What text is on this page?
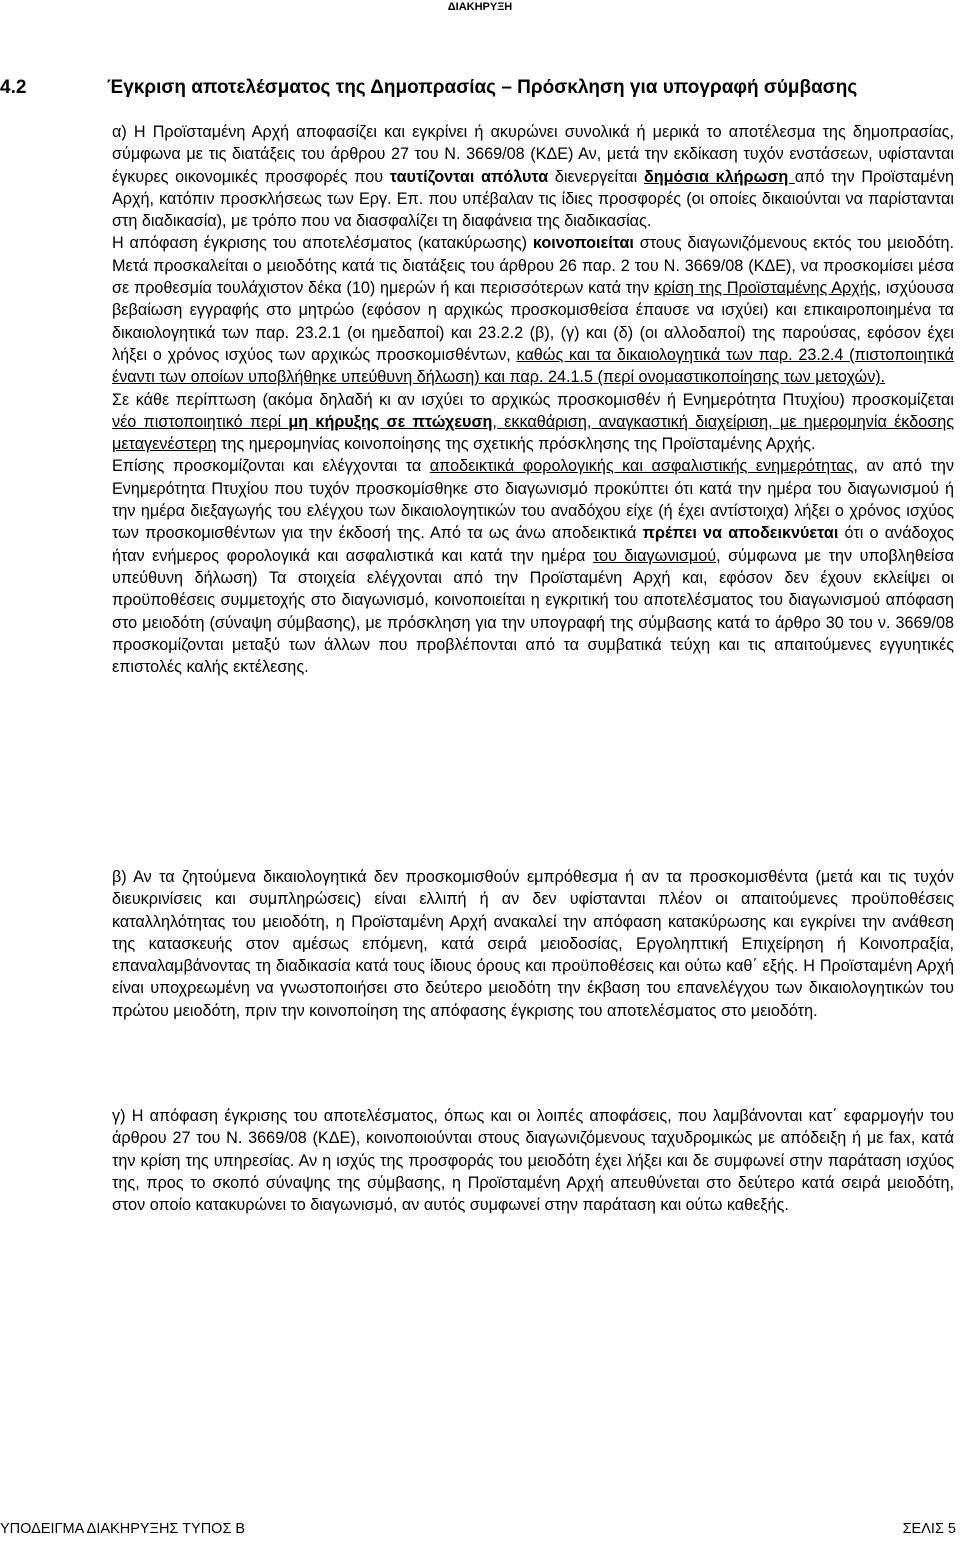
ΔΙΑΚΗΡΥΞΗ
4.2	Έγκριση αποτελέσματος της Δημοπρασίας – Πρόσκληση για υπογραφή σύμβασης

α) Η Προϊσταμένη Αρχή αποφασίζει και εγκρίνει ή ακυρώνει συνολικά ή μερικά το αποτέλεσμα της δημοπρασίας, σύμφωνα με τις διατάξεις του άρθρου 27 του Ν. 3669/08 (ΚΔΕ) Αν, μετά την εκδίκαση τυχόν ενστάσεων, υφίστανται έγκυρες οικονομικές προσφορές που ταυτίζονται απόλυτα διενεργείται δημόσια κλήρωση από την Προϊσταμένη Αρχή, κατόπιν προσκλήσεως των Εργ. Επ. που υπέβαλαν τις ίδιες προσφορές (οι οποίες δικαιούνται να παρίστανται στη διαδικασία), με τρόπο που να διασφαλίζει τη διαφάνεια της διαδικασίας.

Η απόφαση έγκρισης του αποτελέσματος (κατακύρωσης) κοινοποιείται στους διαγωνιζόμενους εκτός του μειοδότη. Μετά προσκαλείται ο μειοδότης κατά τις διατάξεις του άρθρου 26 παρ. 2 του Ν. 3669/08 (ΚΔΕ), να προσκομίσει μέσα σε προθεσμία τουλάχιστον δέκα (10) ημερών ή και περισσότερων κατά την κρίση της Προϊσταμένης Αρχής, ισχύουσα βεβαίωση εγγραφής στο μητρώο (εφόσον η αρχικώς προσκομισθείσα έπαυσε να ισχύει) και επικαιροποιημένα τα δικαιολογητικά των παρ. 23.2.1 (οι ημεδαποί) και 23.2.2 (β), (γ) και (δ) (οι αλλοδαποί) της παρούσας, εφόσον έχει λήξει ο χρόνος ισχύος των αρχικώς προσκομισθέντων, καθώς και τα δικαιολογητικά των παρ. 23.2.4 (πιστοποιητικά έναντι των οποίων υποβλήθηκε υπεύθυνη δήλωση) και παρ. 24.1.5 (περί ονομαστικοποίησης των μετοχών).

Σε κάθε περίπτωση (ακόμα δηλαδή κι αν ισχύει το αρχικώς προσκομισθέν ή Ενημερότητα Πτυχίου) προσκομίζεται νέο πιστοποιητικό περί μη κήρυξης σε πτώχευση, εκκαθάριση, αναγκαστική διαχείριση, με ημερομηνία έκδοσης μεταγενέστερη της ημερομηνίας κοινοποίησης της σχετικής πρόσκλησης της Προϊσταμένης Αρχής.

Επίσης προσκομίζονται και ελέγχονται τα αποδεικτικά φορολογικής και ασφαλιστικής ενημερότητας, αν από την Ενημερότητα Πτυχίου που τυχόν προσκομίσθηκε στο διαγωνισμό προκύπτει ότι κατά την ημέρα του διαγωνισμού ή την ημέρα διεξαγωγής του ελέγχου των δικαιολογητικών του αναδόχου είχε (ή έχει αντίστοιχα) λήξει ο χρόνος ισχύος των προσκομισθέντων για την έκδοσή της. Από τα ως άνω αποδεικτικά πρέπει να αποδεικνύεται ότι ο ανάδοχος ήταν ενήμερος φορολογικά και ασφαλιστικά και κατά την ημέρα του διαγωνισμού, σύμφωνα με την υποβληθείσα υπεύθυνη δήλωση) Τα στοιχεία ελέγχονται από την Προϊσταμένη Αρχή και, εφόσον δεν έχουν εκλείψει οι προϋποθέσεις συμμετοχής στο διαγωνισμό, κοινοποιείται η εγκριτική του αποτελέσματος του διαγωνισμού απόφαση στο μειοδότη (σύναψη σύμβασης), με πρόσκληση για την υπογραφή της σύμβασης κατά το άρθρο 30 του ν. 3669/08 προσκομίζονται μεταξύ των άλλων που προβλέπονται από τα συμβατικά τεύχη και τις απαιτούμενες εγγυητικές επιστολές καλής εκτέλεσης.

β) Αν τα ζητούμενα δικαιολογητικά δεν προσκομισθούν εμπρόθεσμα ή αν τα προσκομισθέντα (μετά και τις τυχόν διευκρινίσεις και συμπληρώσεις) είναι ελλιπή ή αν δεν υφίστανται πλέον οι απαιτούμενες προϋποθέσεις καταλληλότητας του μειοδότη, η Προϊσταμένη Αρχή ανακαλεί την απόφαση κατακύρωσης και εγκρίνει την ανάθεση της κατασκευής στον αμέσως επόμενη, κατά σειρά μειοδοσίας, Εργοληπτική Επιχείρηση ή Κοινοπραξία, επαναλαμβάνοντας τη διαδικασία κατά τους ίδιους όρους και προϋποθέσεις και ούτω καθ΄ εξής. Η Προϊσταμένη Αρχή είναι υποχρεωμένη να γνωστοποιήσει στο δεύτερο μειοδότη την έκβαση του επανελέγχου των δικαιολογητικών του πρώτου μειοδότη, πριν την κοινοποίηση της απόφασης έγκρισης του αποτελέσματος στο μειοδότη.

γ) Η απόφαση έγκρισης του αποτελέσματος, όπως και οι λοιπές αποφάσεις, που λαμβάνονται κατ΄ εφαρμογήν του άρθρου 27 του Ν. 3669/08 (ΚΔΕ), κοινοποιούνται στους διαγωνιζόμενους ταχυδρομικώς με απόδειξη ή με fax, κατά την κρίση της υπηρεσίας. Αν η ισχύς της προσφοράς του μειοδότη έχει λήξει και δε συμφωνεί στην παράταση ισχύος της, προς το σκοπό σύναψης της σύμβασης, η Προϊσταμένη Αρχή απευθύνεται στο δεύτερο κατά σειρά μειοδότη, στον οποίο κατακυρώνει το διαγωνισμό, αν αυτός συμφωνεί στην παράταση και ούτω καθεξής.

ΥΠΟΔΕΙΓΜΑ ΔΙΑΚΗΡΥΞΗΣ ΤΥΠΟΣ Β	ΣΕΛΙΣ 5
